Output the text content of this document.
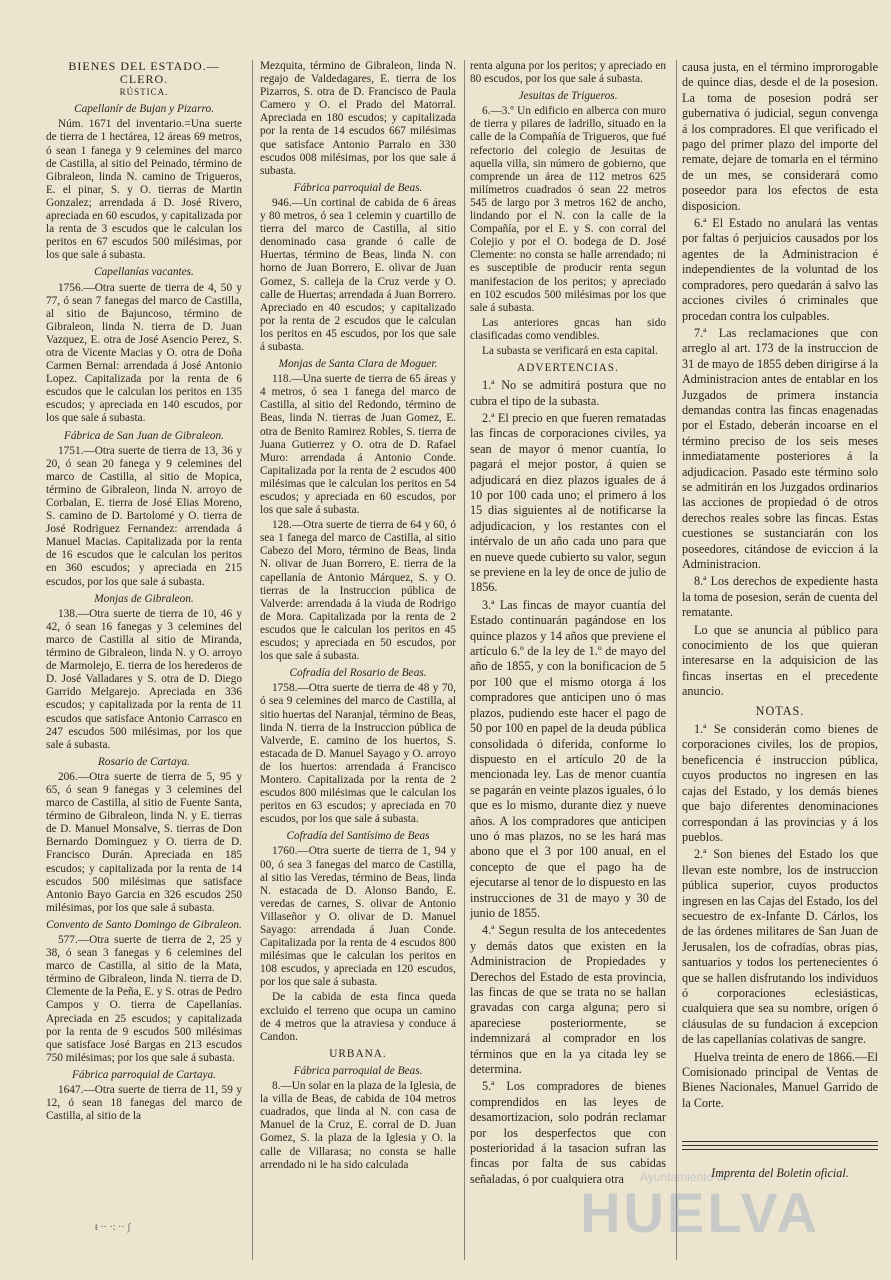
BIENES DEL ESTADO.—CLERO.

RÚSTICA.

Capellanír de Bujan y Pizarro.

Núm. 1671 del inventario.=Una suerte de tierra de 1 hectárea, 12 áreas 69 metros, ó sean 1 fanega y 9 celemines del marco de Castilla, al sitio del Peinado, término de Gibraleon, linda N. camino de Trigueros, E. el pinar, S. y O. tierras de Martin Gonzalez; arrendada á D. José Rivero, apreciada en 60 escudos, y capitalizada por la renta de 3 escudos que le calculan los peritos en 67 escudos 500 milésimas, por los que sale á subasta.

Capellanías vacantes.

1756.—Otra suerte de tierra de 4, 50 y 77, ó sean 7 fanegas del marco de Castilla, al sitio de Bajuncoso, término de Gibraleon, linda N. tierra de D. Juan Vazquez, E. otra de José Asencio Perez, S. otra de Vicente Macias y O. otra de Doña Carmen Bernal: arrendada á José Antonio Lopez. Capitalizada por la renta de 6 escudos que le calculan los peritos en 135 escudos; y apreciada en 140 escudos, por los que sale á subasta.

Fábrica de San Juan de Gibraleon.

1751.—Otra suerte de tierra de 13, 36 y 20, ó sean 20 fanega y 9 celemines del marco de Castilla, al sitio de Mopica, término de Gibraleon, linda N. arroyo de Corbalan, E. tierra de José Elias Moreno, S. camino de D. Bartolomé y O. tierra de José Rodriguez Fernandez: arrendada á Manuel Macias. Capitalizada por la renta de 16 escudos que le calculan los peritos en 360 escudos; y apreciada en 215 escudos, por los que sale á subasta.

Monjas de Gibraleon.

138.—Otra suerte de tierra de 10, 46 y 42, ó sean 16 fanegas y 3 celemines del marco de Castilla al sitio de Miranda, término de Gibraleon, linda N. y O. arroyo de Marmolejo, E. tierra de los herederos de D. José Valladares y S. otra de D. Diego Garrido Melgarejo. Apreciada en 336 escudos; y capitalizada por la renta de 11 escudos que satisface Antonio Carrasco en 247 escudos 500 milésimas, por los que sale á subasta.

Rosario de Cartaya.

206.—Otra suerte de tierra de 5, 95 y 65, ó sean 9 fanegas y 3 celemines del marco de Castilla, al sitio de Fuente Santa, término de Gibraleon, linda N. y E. tierras de D. Manuel Monsalve, S. tierras de Don Bernardo Dominguez y O. tierra de D. Francisco Durán. Apreciada en 185 escudos; y capitalizada por la renta de 14 escudos 500 milésimas que satisface Antonio Bayo Garcia en 326 escudos 250 milésimas, por los que sale á subasta.

Convento de Santo Domingo de Gibraleon.

577.—Otra suerte de tierra de 2, 25 y 38, ó sean 3 fanegas y 6 celemines del marco de Castilla, al sitio de la Mata, término de Gibraleon, linda N. tierra de D. Clemente de la Peña, E. y S. otras de Pedro Campos y O. tierra de Capellanías. Apreciada en 25 escudos; y capitalizada por la renta de 9 escudos 500 milésimas que satisface José Bargas en 213 escudos 750 milésimas; por los que sale á subasta.

Fábrica parroquial de Cartaya.

1647.—Otra suerte de tierra de 11, 59 y 12, ó sean 18 fanegas del marco de Castilla, al sitio de la

Mezquita, término de Gibraleon, linda N. regajo de Valdedagares, E. tierra de los Pizarros, S. otra de D. Francisco de Paula Camero y O. el Prado del Matorral. Apreciada en 180 escudos; y capitalizada por la renta de 14 escudos 667 milésimas que satisface Antonio Parralo en 330 escudos 008 milésimas, por los que sale á subasta.

Fábrica parroquial de Beas.

946.—Un cortinal de cabida de 6 áreas y 80 metros, ó sea 1 celemin y cuartillo de tierra del marco de Castilla, al sitio denominado casa grande ó calle de Huertas, término de Beas, linda N. con horno de Juan Borrero, E. olivar de Juan Gomez, S. calleja de la Cruz verde y O. calle de Huertas; arrendada á Juan Borrero. Apreciado en 40 escudos; y capitalizado por la renta de 2 escudos que le calculan los peritos en 45 escudos, por los que sale á subasta.

Monjas de Santa Clara de Moguer.

118.—Una suerte de tierra de 65 áreas y 4 metros, ó sea 1 fanega del marco de Castilla, al sitio del Redondo, término de Beas, linda N. tierras de Juan Gomez, E. otra de Benito Ramirez Robles, S. tierra de Juana Gutierrez y O. otra de D. Rafael Muro: arrendada á Antonio Conde. Capitalizada por la renta de 2 escudos 400 milésimas que le calculan los peritos en 54 escudos; y apreciada en 60 escudos, por los que sale á subasta.

128.—Otra suerte de tierra de 64 y 60, ó sea 1 fanega del marco de Castilla, al sitio Cabezo del Moro, término de Beas, linda N. olivar de Juan Borrero, E. tierra de la capellanía de Antonio Márquez, S. y O. tierras de la Instruccion pública de Valverde: arrendada á la viuda de Rodrigo de Mora. Capitalizada por la renta de 2 escudos que le calculan los peritos en 45 escudos; y apreciada en 50 escudos, por los que sale á subasta.

Cofradía del Rosario de Beas.

1758.—Otra suerte de tierra de 48 y 70, ó sea 9 celemines del marco de Castilla, al sitio huertas del Naranjal, término de Beas, linda N. tierra de la Instruccion pública de Valverde, E. camino de los huertos, S. estacada de D. Manuel Sayago y O. arroyo de los huertos: arrendada á Francisco Montero. Capitalizada por la renta de 2 escudos 800 milésimas que le calculan los peritos en 63 escudos; y apreciada en 70 escudos, por los que sale á subasta.

Cofradía del Santísimo de Beas

1760.—Otra suerte de tierra de 1, 94 y 00, ó sea 3 fanegas del marco de Castilla, al sitio las Veredas, término de Beas, linda N. estacada de D. Alonso Bando, E. veredas de carnes, S. olivar de Antonio Villaseñor y O. olivar de D. Manuel Sayago: arrendada á Juan Conde. Capitalizada por la renta de 4 escudos 800 milésimas que le calculan los peritos en 108 escudos, y apreciada en 120 escudos, por los que sale á subasta.

De la cabida de esta finca queda excluido el terreno que ocupa un camino de 4 metros que la atraviesa y conduce á Candon.

URBANA.

Fábrica parroquial de Beas.

8.—Un solar en la plaza de la Iglesia, de la villa de Beas, de cabida de 104 metros cuadrados, que linda al N. con casa de Manuel de la Cruz, E. corral de D. Juan Gomez, S. la plaza de la Iglesia y O. la calle de Villarasa; no consta se halle arrendado ni le ha sido calculada

renta alguna por los peritos; y apreciado en 80 escudos, por los que sale á subasta.

Jesuitas de Trigueros.

6.—3.º Un edificio en alberca con muro de tierra y pilares de ladrillo, situado en la calle de la Compañía de Trigueros, que fué refectorio del colegio de Jesuitas de aquella villa, sin número de gobierno, que comprende un área de 112 metros 625 milímetros cuadrados ó sean 22 metros 545 de largo por 3 metros 162 de ancho, lindando por el N. con la calle de la Compañía, por el E. y S. con corral del Colejio y por el O. bodega de D. José Clemente: no consta se halle arrendado; ni es susceptible de producir renta segun manifestacion de los peritos; y apreciado en 102 escudos 500 milésimas por los que sale á subasta.

Las anteriores gncas han sido clasificadas como vendibles.

La subasta se verificará en esta capital.

ADVERTENCIAS.

1.ª No se admitirá postura que no cubra el tipo de la subasta.

2.ª El precio en que fueren rematadas las fincas de corporaciones civiles, ya sean de mayor ó menor cuantía, lo pagará el mejor postor, á quien se adjudicará en diez plazos iguales de á 10 por 100 cada uno; el primero á los 15 dias siguientes al de notificarse la adjudicacion, y los restantes con el intérvalo de un año cada uno para que en nueve quede cubierto su valor, segun se previene en la ley de once de julio de 1856.

3.ª Las fincas de mayor cuantía del Estado continuarán pagándose en los quince plazos y 14 años que previene el artículo 6.º de la ley de 1.º de mayo del año de 1855, y con la bonificacion de 5 por 100 que el mismo otorga á los compradores que anticipen uno ó mas plazos, pudiendo este hacer el pago de 50 por 100 en papel de la deuda pública consolidada ó diferida, conforme lo dispuesto en el artículo 20 de la mencionada ley. Las de menor cuantía se pagarán en veinte plazos iguales, ó lo que es lo mismo, durante diez y nueve años. A los compradores que anticipen uno ó mas plazos, no se les hará mas abono que el 3 por 100 anual, en el concepto de que el pago ha de ejecutarse al tenor de lo dispuesto en las instrucciones de 31 de mayo y 30 de junio de 1855.

4.ª Segun resulta de los antecedentes y demás datos que existen en la Administracion de Propiedades y Derechos del Estado de esta provincia, las fincas de que se trata no se hallan gravadas con carga alguna; pero si apareciese posteriormente, se indemnizará al comprador en los términos que en la ya citada ley se determina.

5.ª Los compradores de bienes comprendidos en las leyes de desamortizacion, solo podrán reclamar por los desperfectos que con posterioridad á la tasacion sufran las fincas por falta de sus cabidas señaladas, ó por cualquiera otra

causa justa, en el término improrogable de quince dias, desde el de la posesion. La toma de posesion podrá ser gubernativa ó judicial, segun convenga á los compradores. El que verificado el pago del primer plazo del importe del remate, dejare de tomarla en el término de un mes, se considerará como poseedor para los efectos de esta disposicion.

6.ª El Estado no anulará las ventas por faltas ó perjuicios causados por los agentes de la Administracion é independientes de la voluntad de los compradores, pero quedarán á salvo las acciones civiles ó criminales que procedan contra los culpables.

7.ª Las reclamaciones que con arreglo al art. 173 de la instruccion de 31 de mayo de 1855 deben dirigirse á la Administracion antes de entablar en los Juzgados de primera instancia demandas contra las fincas enagenadas por el Estado, deberán incoarse en el término preciso de los seis meses inmediatamente posteriores á la adjudicacion. Pasado este término solo se admitirán en los Juzgados ordinarios las acciones de propiedad ó de otros derechos reales sobre las fincas. Estas cuestiones se sustanciarán con los poseedores, citándose de eviccion á la Administracion.

8.ª Los derechos de expediente hasta la toma de posesion, serán de cuenta del rematante.

Lo que se anuncia al público para conocimiento de los que quieran interesarse en la adquisicion de las fincas insertas en el precedente anuncio.

NOTAS.

1.ª Se considerán como bienes de corporaciones civiles, los de propios, beneficencia é instruccion pública, cuyos productos no ingresen en las cajas del Estado, y los demás bienes que bajo diferentes denominaciones correspondan á las provincias y á los pueblos.

2.ª Son bienes del Estado los que llevan este nombre, los de instruccion pública superior, cuyos productos ingresen en las Cajas del Estado, los del secuestro de ex-Infante D. Cárlos, los de las órdenes militares de San Juan de Jerusalen, los de cofradías, obras pias, santuarios y todos los pertenecientes ó que se hallen disfrutando los individuos ó corporaciones eclesiásticas, cualquiera que sea su nombre, orígen ó cláusulas de su fundacion á excepcion de las capellanías colativas de sangre.

Huelva treinta de enero de 1866.—El Comisionado principal de Ventas de Bienes Nacionales, Manuel Garrido de la Corte.

Imprenta del Boletin oficial.

Ayuntamiento de
HUELVA
ŧ ·· ·: ·· ʃ
